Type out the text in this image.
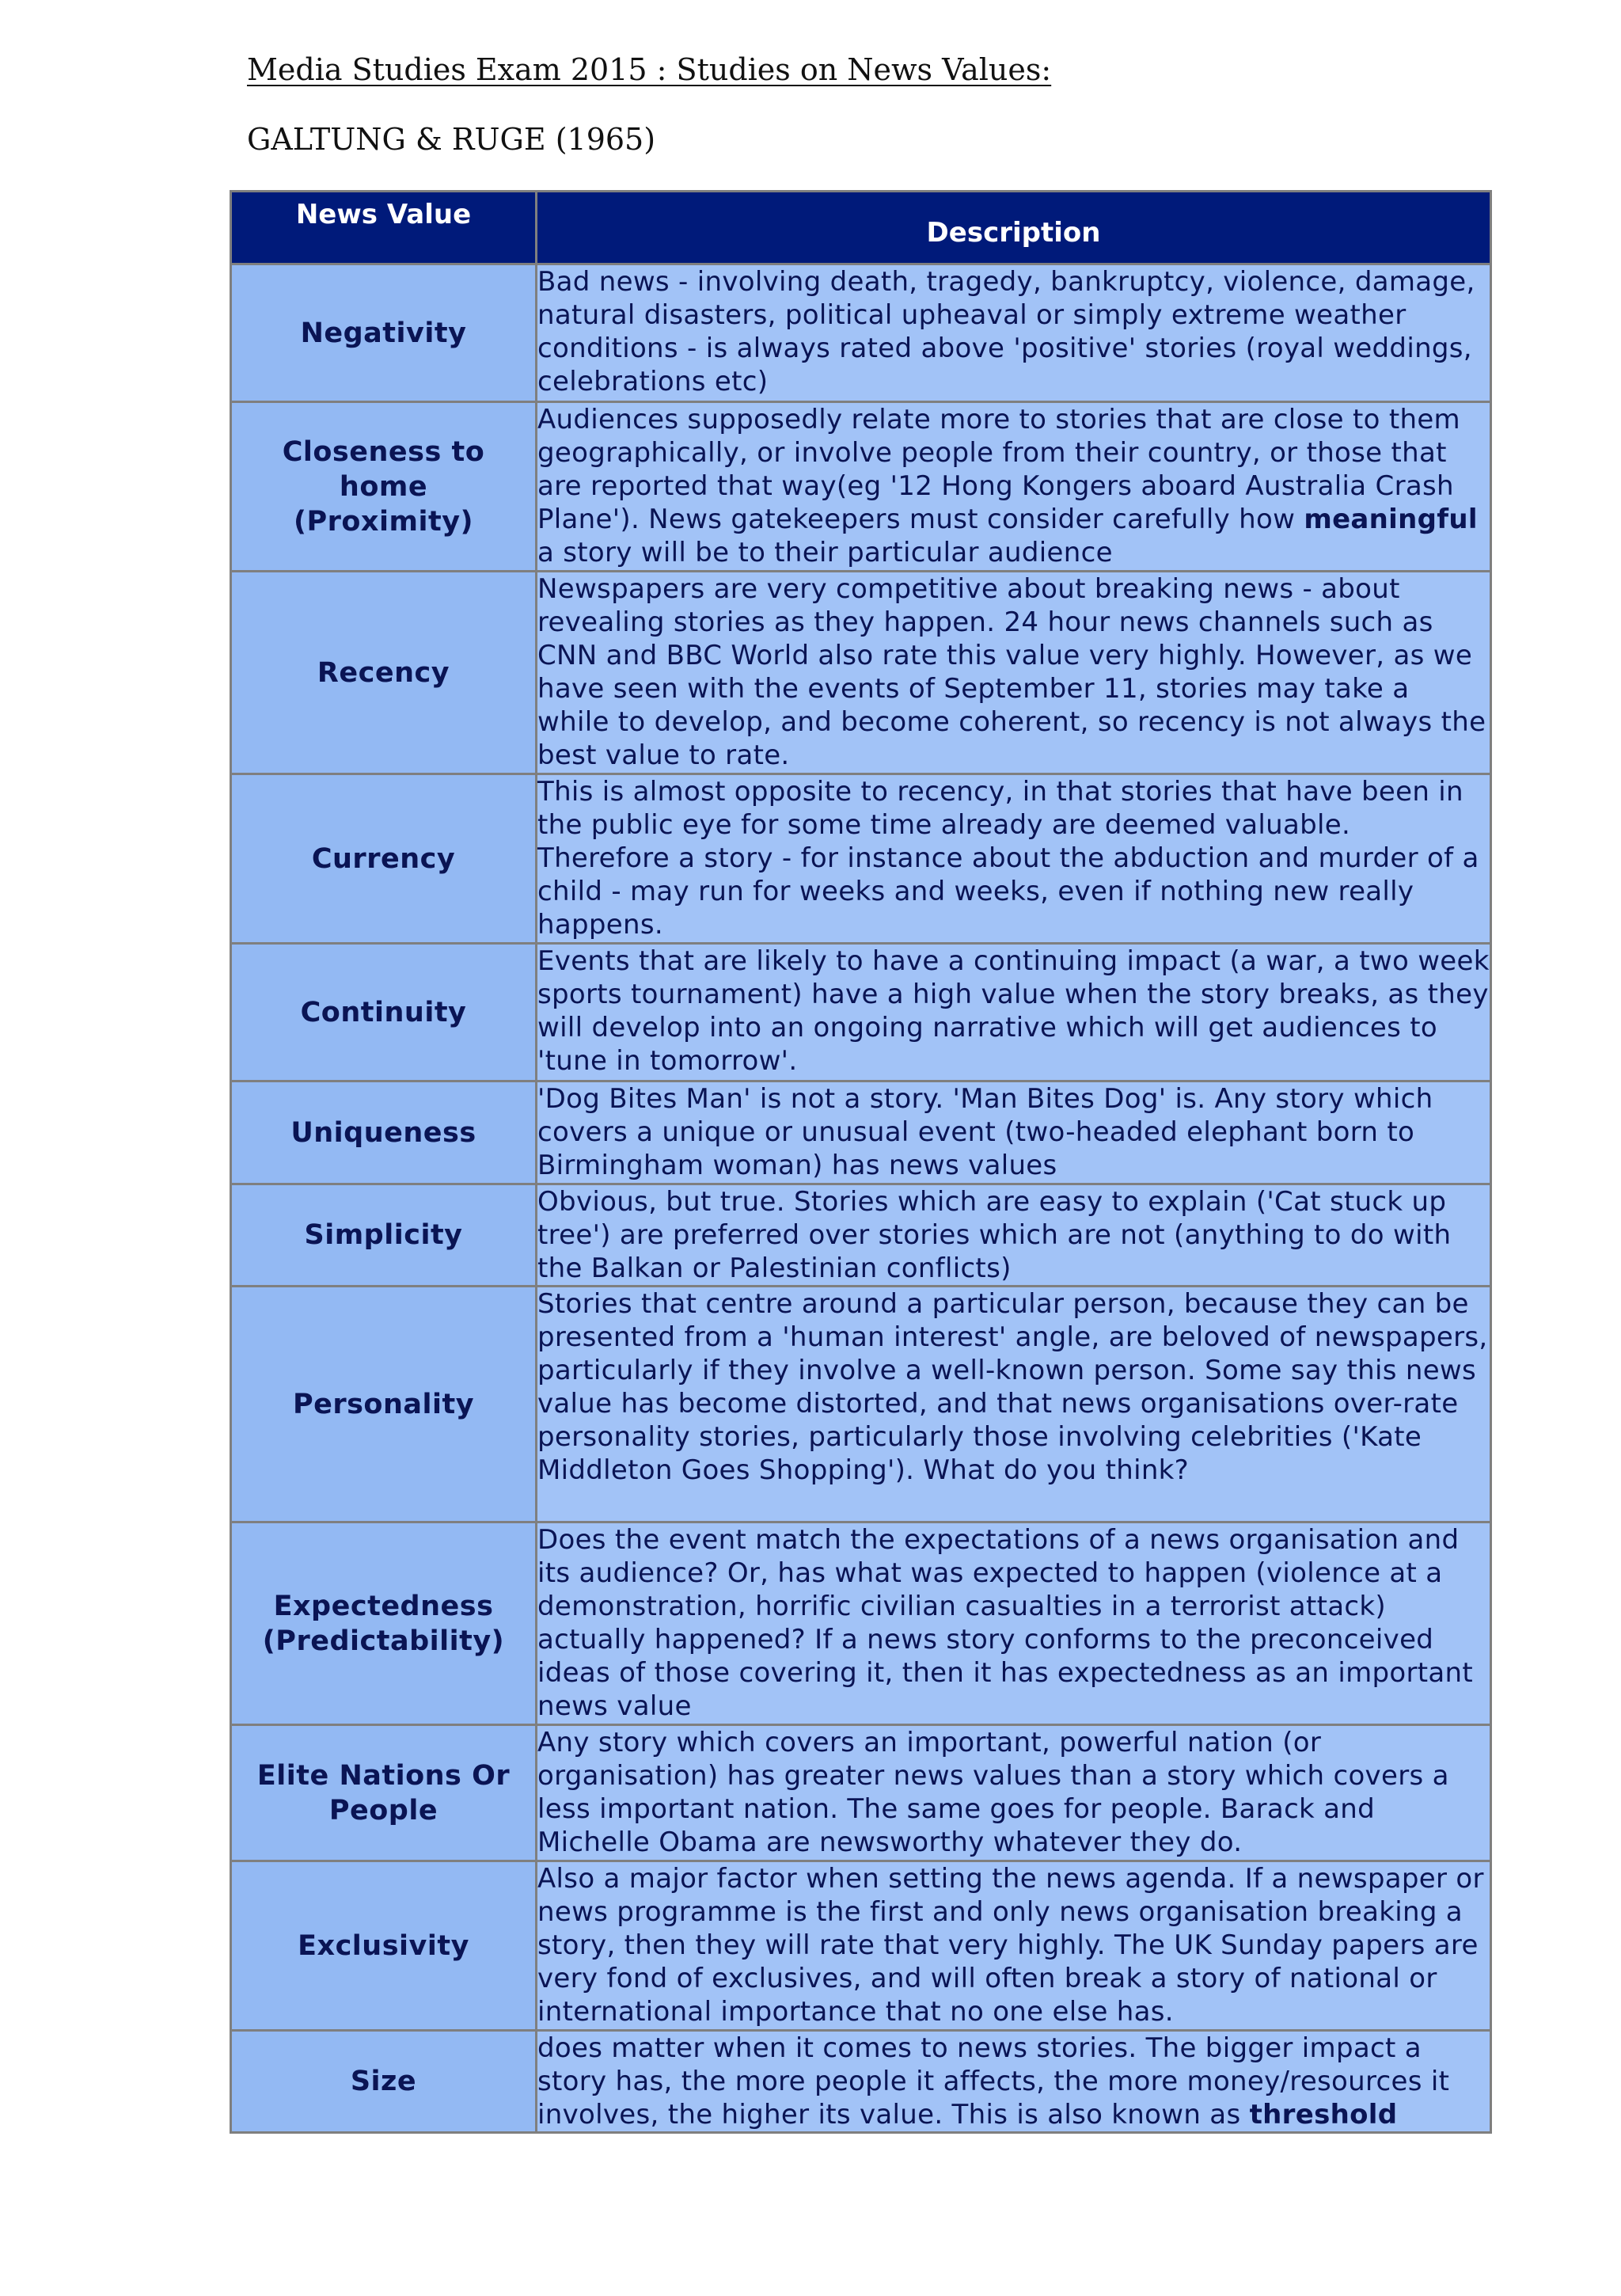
Media Studies Exam 2015 : Studies on News Values:
GALTUNG & RUGE (1965)
News Value	Description
Negativity	Bad news - involving death, tragedy, bankruptcy, violence, damage, natural disasters, political upheaval or simply extreme weather conditions - is always rated above 'positive' stories (royal weddings, celebrations etc)
Closeness to home (Proximity)	Audiences supposedly relate more to stories that are close to them geographically, or involve people from their country, or those that are reported that way(eg '12 Hong Kongers aboard Australia Crash Plane'). News gatekeepers must consider carefully how meaningful a story will be to their particular audience
Recency	Newspapers are very competitive about breaking news - about revealing stories as they happen. 24 hour news channels such as CNN and BBC World also rate this value very highly. However, as we have seen with the events of September 11, stories may take a while to develop, and become coherent, so recency is not always the best value to rate.
Currency	This is almost opposite to recency, in that stories that have been in the public eye for some time already are deemed valuable. Therefore a story - for instance about the abduction and murder of a child - may run for weeks and weeks, even if nothing new really happens.
Continuity	Events that are likely to have a continuing impact (a war, a two week sports tournament) have a high value when the story breaks, as they will develop into an ongoing narrative which will get audiences to 'tune in tomorrow'.
Uniqueness	'Dog Bites Man' is not a story. 'Man Bites Dog' is. Any story which covers a unique or unusual event (two-headed elephant born to Birmingham woman) has news values
Simplicity	Obvious, but true. Stories which are easy to explain ('Cat stuck up tree') are preferred over stories which are not (anything to do with the Balkan or Palestinian conflicts)
Personality	Stories that centre around a particular person, because they can be presented from a 'human interest' angle, are beloved of newspapers, particularly if they involve a well-known person. Some say this news value has become distorted, and that news organisations over-rate personality stories, particularly those involving celebrities ('Kate Middleton Goes Shopping'). What do you think?
Expectedness (Predictability)	Does the event match the expectations of a news organisation and its audience? Or, has what was expected to happen (violence at a demonstration, horrific civilian casualties in a terrorist attack) actually happened? If a news story conforms to the preconceived ideas of those covering it, then it has expectedness as an important news value
Elite Nations Or People	Any story which covers an important, powerful nation (or organisation) has greater news values than a story which covers a less important nation. The same goes for people. Barack and Michelle Obama are newsworthy whatever they do.
Exclusivity	Also a major factor when setting the news agenda. If a newspaper or news programme is the first and only news organisation breaking a story, then they will rate that very highly. The UK Sunday papers are very fond of exclusives, and will often break a story of national or international importance that no one else has.
Size	does matter when it comes to news stories. The bigger impact a story has, the more people it affects, the more money/resources it involves, the higher its value. This is also known as threshold
